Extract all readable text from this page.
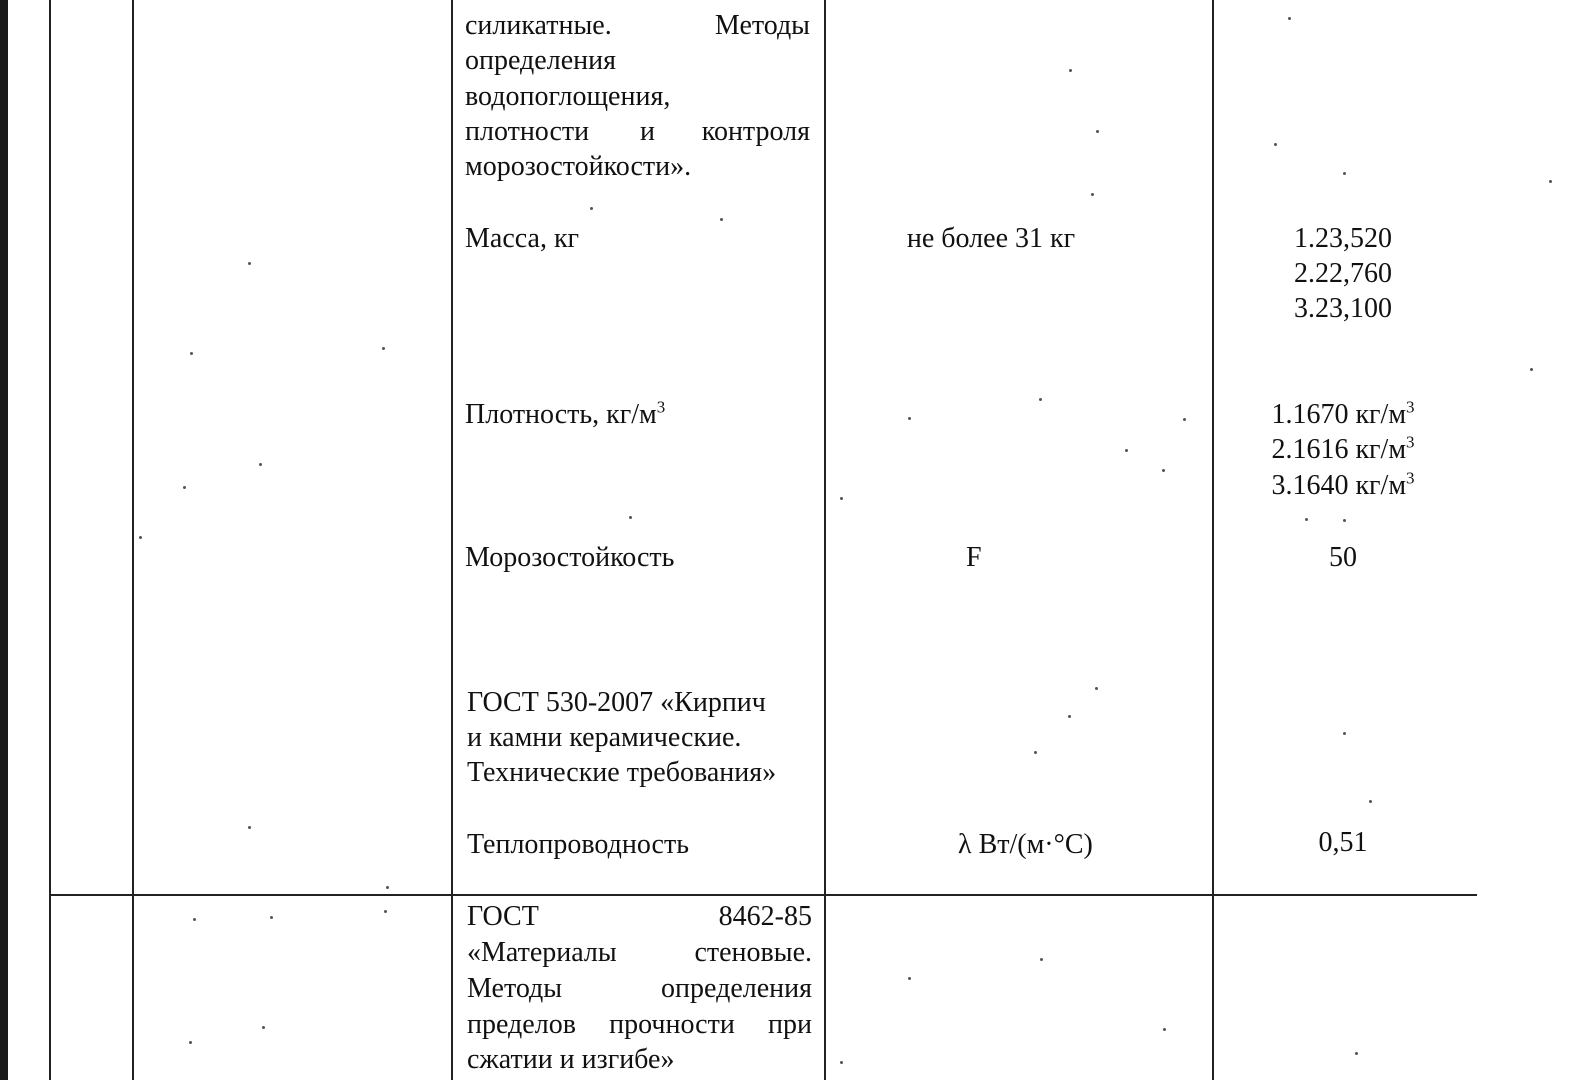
силикатные.	Методы
определения
водопоглощения,
плотности и контроля
морозостойкости».
Масса, кг	не более 31 кг	1.23,520
2.22,760
3.23,100
Плотность, $кг/м^3$	1.1670 $кг/м^3$
2.1616 $кг/м^3$
3.1640 $кг/м^3$
Морозостойкость	F	50
ГОСТ 530-2007 «Кирпич
и камни керамические.
Технические требования»
Теплопроводность	λ Вт/(м·°С)	0,51
ГОСТ	8462-85
«Материалы	стеновые.
Методы	определения
пределов прочности при
сжатии и изгибе»
